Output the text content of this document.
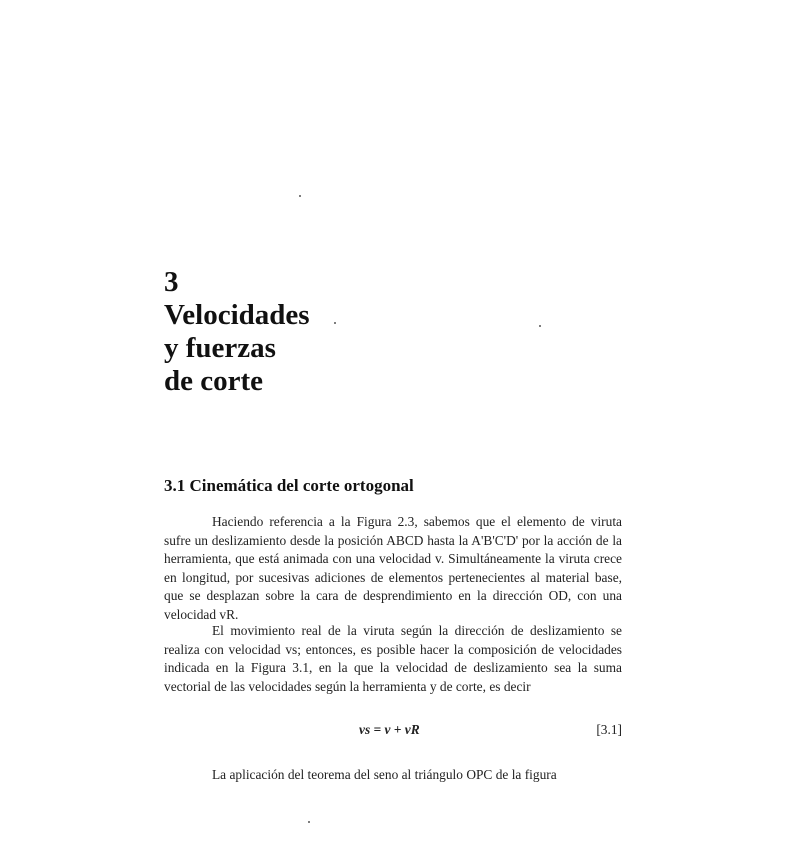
3
Velocidades
y fuerzas
de corte
3.1 Cinemática del corte ortogonal

Haciendo referencia a la Figura 2.3, sabemos que el elemento de viruta sufre un deslizamiento desde la posición ABCD hasta la A'B'C'D' por la acción de la herramienta, que está animada con una velocidad v. Simultáneamente la viruta crece en longitud, por sucesivas adiciones de elementos pertenecientes al material base, que se desplazan sobre la cara de desprendimiento en la dirección OD, con una velocidad vR.

El movimiento real de la viruta según la dirección de deslizamiento se realiza con velocidad vs; entonces, es posible hacer la composición de velocidades indicada en la Figura 3.1, en la que la velocidad de deslizamiento sea la suma vectorial de las velocidades según la herramienta y de corte, es decir

vs = v + vR	[3.1]

La aplicación del teorema del seno al triángulo OPC de la figura
